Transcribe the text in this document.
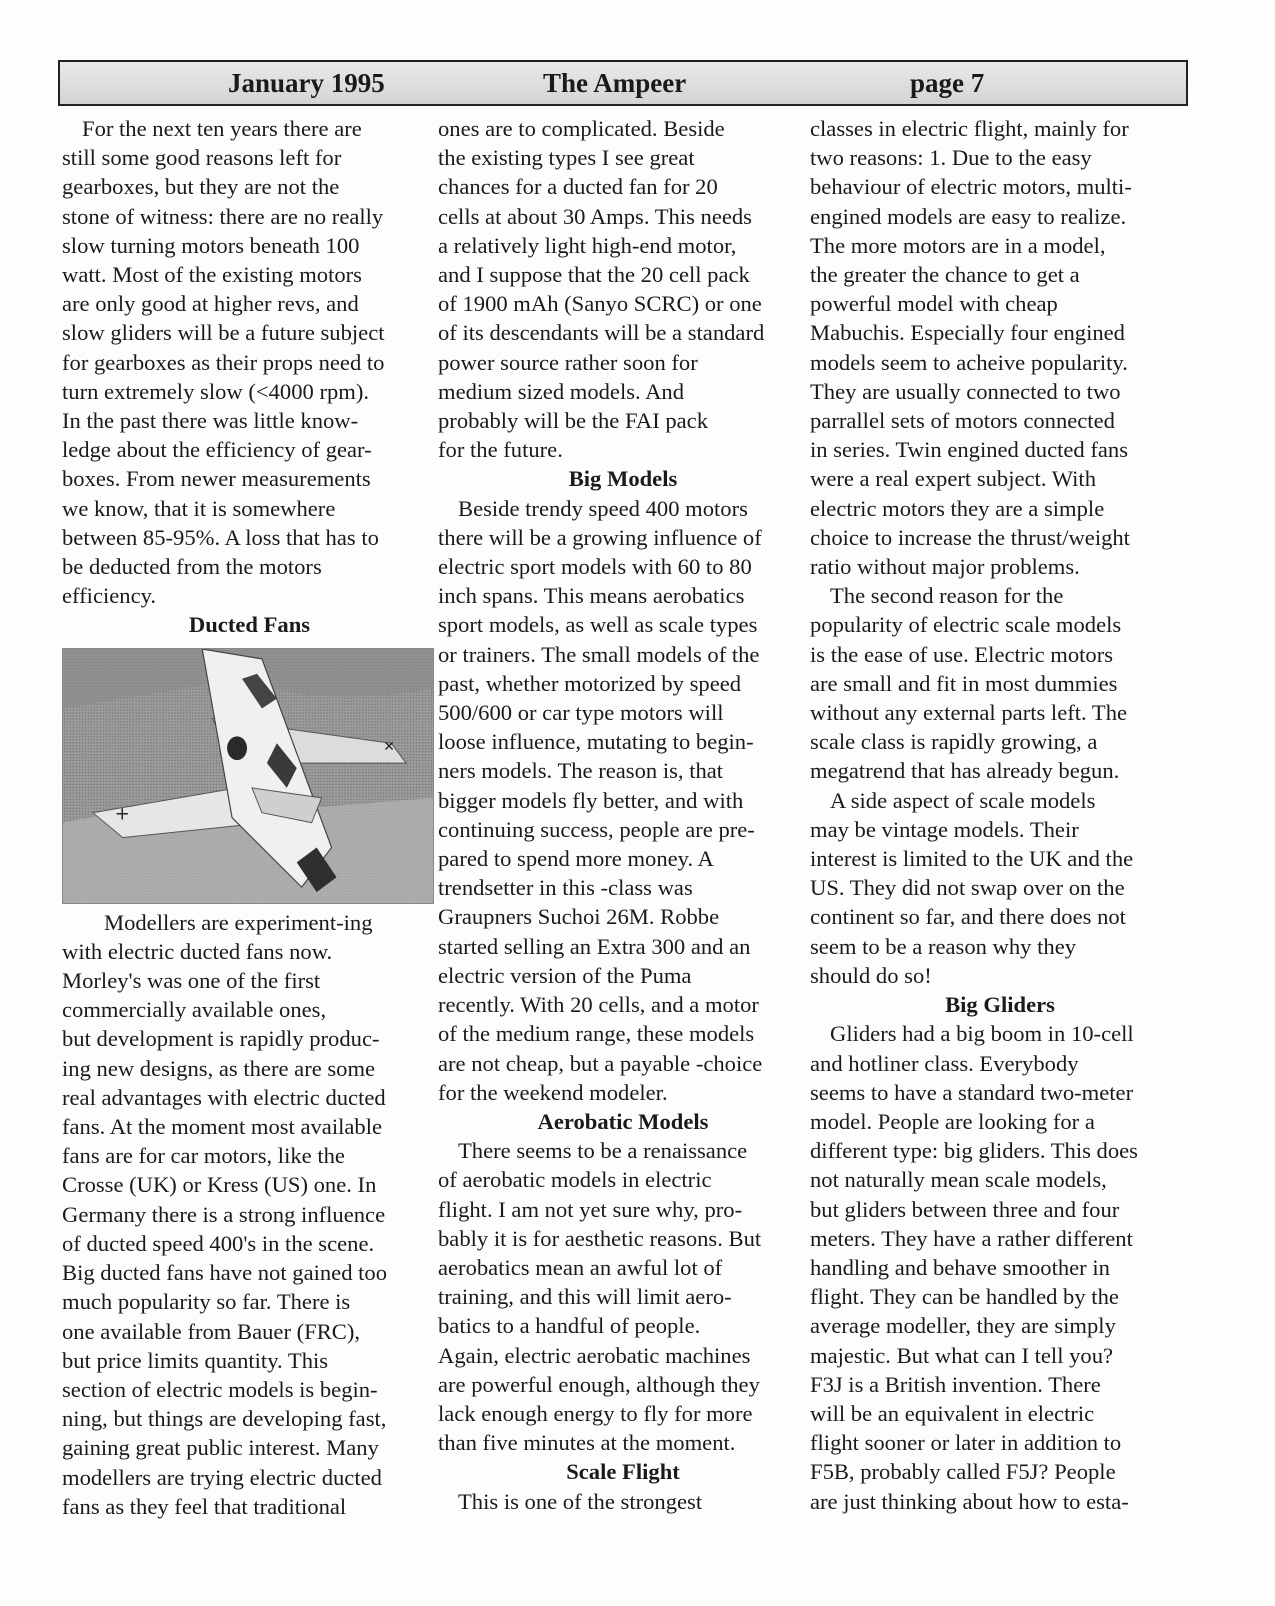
January 1995	The Ampeer	page 7
For the next ten years there are
still some good reasons left for
gearboxes, but they are not the
stone of witness: there are no really
slow turning motors beneath 100
watt. Most of the existing motors
are only good at higher revs, and
slow gliders will be a future subject
for gearboxes as their props need to
turn extremely slow (<4000 rpm).
In the past there was little know-
ledge about the efficiency of gear-
boxes. From newer measurements
we know, that it is somewhere
between 85-95%. A loss that has to
be deducted from the motors
efficiency.
Ducted Fans
+
✕
Modellers are experiment-ing
with electric ducted fans now.
Morley's was one of the first
commercially available ones,
but development is rapidly produc-
ing new designs, as there are some
real advantages with electric ducted
fans. At the moment most available
fans are for car motors, like the
Crosse (UK) or Kress (US) one. In
Germany there is a strong influence
of ducted speed 400's in the scene.
Big ducted fans have not gained too
much popularity so far. There is
one available from Bauer (FRC),
but price limits quantity. This
section of electric models is begin-
ning, but things are developing fast,
gaining great public interest. Many
modellers are trying electric ducted
fans as they feel that traditional
ones are to complicated. Beside
the existing types I see great
chances for a ducted fan for 20
cells at about 30 Amps. This needs
a relatively light high-end motor,
and I suppose that the 20 cell pack
of 1900 mAh (Sanyo SCRC) or one
of its descendants will be a standard
power source rather soon for
medium sized models. And
probably will be the FAI pack
for the future.
Big Models
Beside trendy speed 400 motors
there will be a growing influence of
electric sport models with 60 to 80
inch spans. This means aerobatics
sport models, as well as scale types
or trainers. The small models of the
past, whether motorized by speed
500/600 or car type motors will
loose influence, mutating to begin-
ners models. The reason is, that
bigger models fly better, and with
continuing success, people are pre-
pared to spend more money. A
trendsetter in this -class was
Graupners Suchoi 26M. Robbe
started selling an Extra 300 and an
electric version of the Puma
recently. With 20 cells, and a motor
of the medium range, these models
are not cheap, but a payable -choice
for the weekend modeler.
Aerobatic Models
There seems to be a renaissance
of aerobatic models in electric
flight. I am not yet sure why, pro-
bably it is for aesthetic reasons. But
aerobatics mean an awful lot of
training, and this will limit aero-
batics to a handful of people.
Again, electric aerobatic machines
are powerful enough, although they
lack enough energy to fly for more
than five minutes at the moment.
Scale Flight
This is one of the strongest
classes in electric flight, mainly for
two reasons: 1. Due to the easy
behaviour of electric motors, multi-
engined models are easy to realize.
The more motors are in a model,
the greater the chance to get a
powerful model with cheap
Mabuchis. Especially four engined
models seem to acheive popularity.
They are usually connected to two
parrallel sets of motors connected
in series. Twin engined ducted fans
were a real expert subject. With
electric motors they are a simple
choice to increase the thrust/weight
ratio without major problems.
The second reason for the
popularity of electric scale models
is the ease of use. Electric motors
are small and fit in most dummies
without any external parts left. The
scale class is rapidly growing, a
megatrend that has already begun.
A side aspect of scale models
may be vintage models. Their
interest is limited to the UK and the
US. They did not swap over on the
continent so far, and there does not
seem to be a reason why they
should do so!
Big Gliders
Gliders had a big boom in 10-cell
and hotliner class. Everybody
seems to have a standard two-meter
model. People are looking for a
different type: big gliders. This does
not naturally mean scale models,
but gliders between three and four
meters. They have a rather different
handling and behave smoother in
flight. They can be handled by the
average modeller, they are simply
majestic. But what can I tell you?
F3J is a British invention. There
will be an equivalent in electric
flight sooner or later in addition to
F5B, probably called F5J? People
are just thinking about how to esta-
